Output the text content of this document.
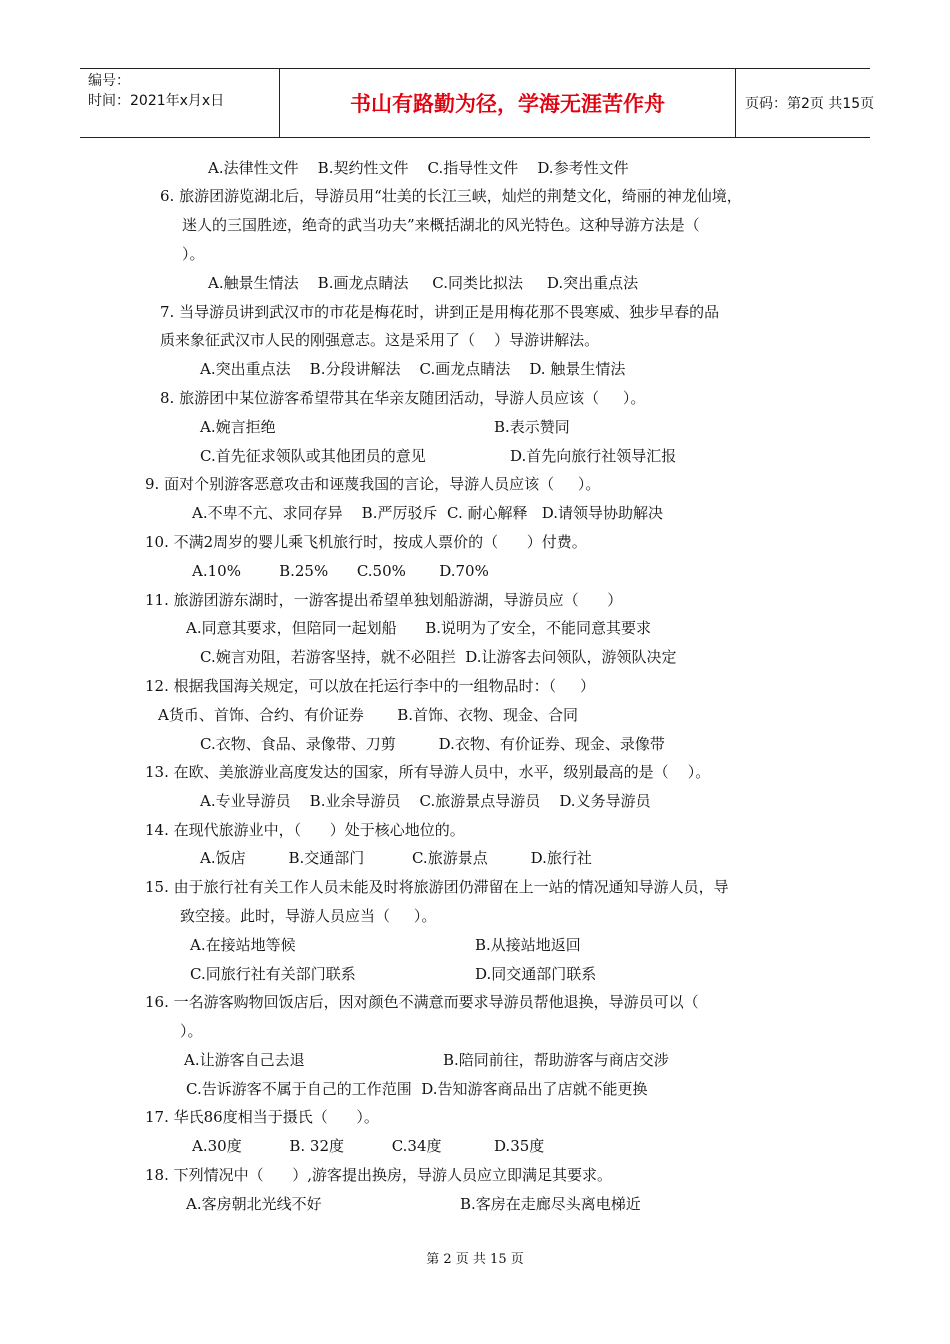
编号：
时间：2021年x月x日	书山有路勤为径，学海无涯苦作舟	页码：第2页 共15页
A.法律性文件    B.契约性文件    C.指导性文件    D.参考性文件
6. 旅游团游览湖北后，导游员用“壮美的长江三峡，灿烂的荆楚文化，绮丽的神龙仙境，
迷人的三国胜迹，绝奇的武当功夫”来概括湖北的风光特色。这种导游方法是（
）。
A.触景生情法    B.画龙点睛法     C.同类比拟法     D.突出重点法
7. 当导游员讲到武汉市的市花是梅花时，讲到正是用梅花那不畏寒威、独步早春的品
质来象征武汉市人民的刚强意志。这是采用了（    ）导游讲解法。
A.突出重点法    B.分段讲解法    C.画龙点睛法    D. 触景生情法
8. 旅游团中某位游客希望带其在华亲友随团活动，导游人员应该（     ）。
A.婉言拒绝	B.表示赞同
C.首先征求领队或其他团员的意见	D.首先向旅行社领导汇报
9. 面对个别游客恶意攻击和诬蔑我国的言论，导游人员应该（     ）。
A.不卑不亢、求同存异    B.严厉驳斥  C. 耐心解释   D.请领导协助解决
10. 不满2周岁的婴儿乘飞机旅行时，按成人票价的（      ）付费。
A.10%        B.25%      C.50%       D.70%
11. 旅游团游东湖时，一游客提出希望单独划船游湖，导游员应（      ）
A.同意其要求，但陪同一起划船      B.说明为了安全，不能同意其要求
C.婉言劝阻，若游客坚持，就不必阻拦  D.让游客去问领队，游领队决定
12. 根据我国海关规定，可以放在托运行李中的一组物品时：（     ）
A货币、首饰、合约、有价证券       B.首饰、衣物、现金、合同
C.衣物、食品、录像带、刀剪         D.衣物、有价证券、现金、录像带
13. 在欧、美旅游业高度发达的国家，所有导游人员中，水平，级别最高的是（    ）。
A.专业导游员    B.业余导游员    C.旅游景点导游员    D.义务导游员
14. 在现代旅游业中，（      ）处于核心地位的。
A.饭店         B.交通部门          C.旅游景点         D.旅行社
15. 由于旅行社有关工作人员未能及时将旅游团仍滞留在上一站的情况通知导游人员，导
致空接。此时，导游人员应当（     ）。
A.在接站地等候	B.从接站地返回
C.同旅行社有关部门联系	D.同交通部门联系
16. 一名游客购物回饭店后，因对颜色不满意而要求导游员帮他退换，导游员可以（
）。
A.让游客自己去退	B.陪同前往，帮助游客与商店交涉
C.告诉游客不属于自己的工作范围  D.告知游客商品出了店就不能更换
17. 华氏86度相当于摄氏（      ）。
A.30度          B. 32度          C.34度           D.35度
18. 下列情况中（      ）,游客提出换房，导游人员应立即满足其要求。
A.客房朝北光线不好	B.客房在走廊尽头离电梯近
第 2 页 共 15 页
